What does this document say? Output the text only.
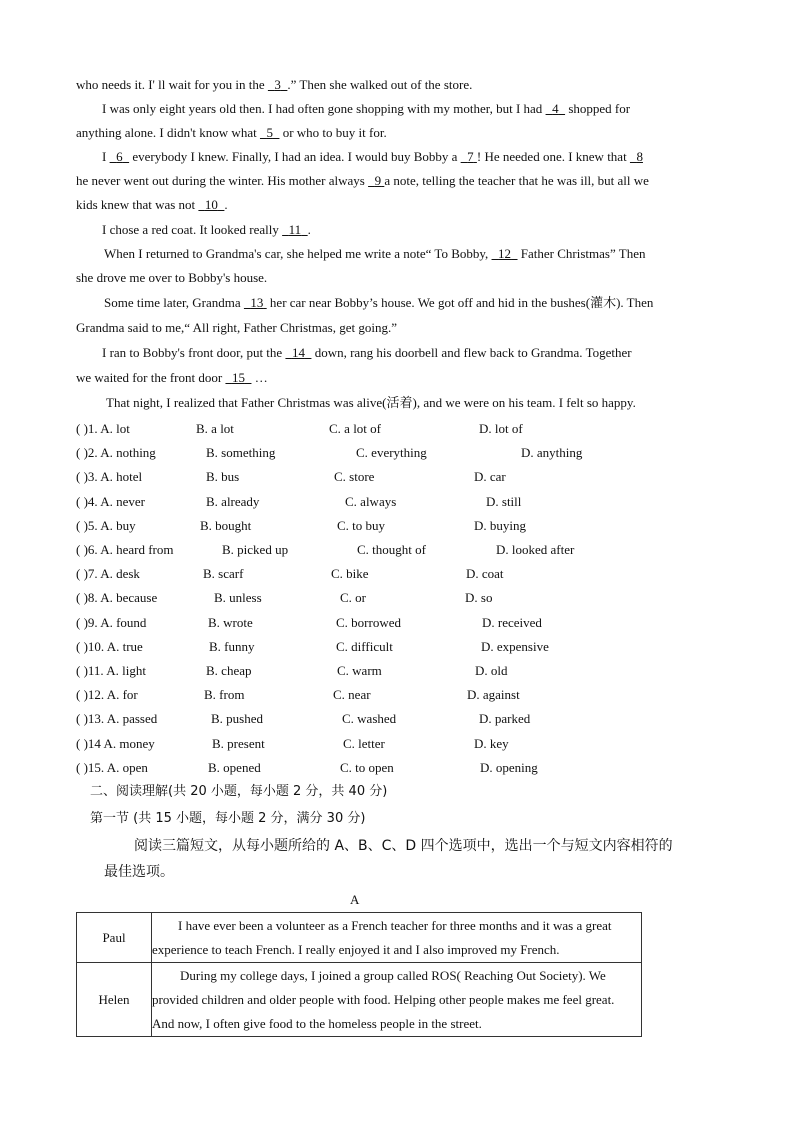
who needs it. I' ll wait for you in the   3 .” Then she walked out of the store.
I was only eight years old then. I had often gone shopping with my mother, but I had   4   shopped for
anything alone. I didn't know what   5   or who to buy it for.
I   6   everybody I knew. Finally, I had an idea. I would buy Bobby a   7 ! He needed one. I knew that   8
he never went out during the winter. His mother always   9 a note, telling the teacher that he was ill, but all we
kids knew that was not   10 .
I chose a red coat. It looked really   11 .
When I returned to Grandma's car, she helped me write a note“ To Bobby,   12   Father Christmas” Then
she drove me over to Bobby's house.
Some time later, Grandma   13  her car near Bobby’s house. We got off and hid in the bushes(灌木). Then
Grandma said to me,“ All right, Father Christmas, get going.”
I ran to Bobby's front door, put the   14   down, rang his doorbell and flew back to Grandma. Together
we waited for the front door   15   …
That night, I realized that Father Christmas was alive(活着), and we were on his team. I felt so happy.
( )1. A. lot	B. a lot	C. a lot of	D. lot of
( )2. A. nothing	B. something	C. everything	D. anything
( )3. A. hotel	B. bus	C. store	D. car
( )4. A. never	B. already	C. always	D. still
( )5. A. buy	B. bought	C. to buy	D. buying
( )6. A. heard from	B. picked up	C. thought of	D. looked after
( )7. A. desk	B. scarf	C. bike	D. coat
( )8. A. because	B. unless	C. or	D. so
( )9. A. found	B. wrote	C. borrowed	D. received
( )10. A. true	B. funny	C. difficult	D. expensive
( )11. A. light	B. cheap	C. warm	D. old
( )12. A. for	B. from	C. near	D. against
( )13. A. passed	B. pushed	C. washed	D. parked
( )14 A. money	B. present	C. letter	D. key
( )15. A. open	B. opened	C. to open	D. opening
二、阅读理解(共 20 小题，每小题 2 分，共 40 分)
第一节 (共 15 小题，每小题 2 分，满分 30 分)
阅读三篇短文，从每小题所给的 A、B、C、D 四个选项中，选出一个与短文内容相符的
最佳选项。
A
Paul	I have ever been a volunteer as a French teacher for three months and it was a great
experience to teach French. I really enjoyed it and I also improved my French.

Helen	During my college days, I joined a group called ROS( Reaching Out Society). We
provided children and older people with food. Helping other people makes me feel great.
And now, I often give food to the homeless people in the street.
